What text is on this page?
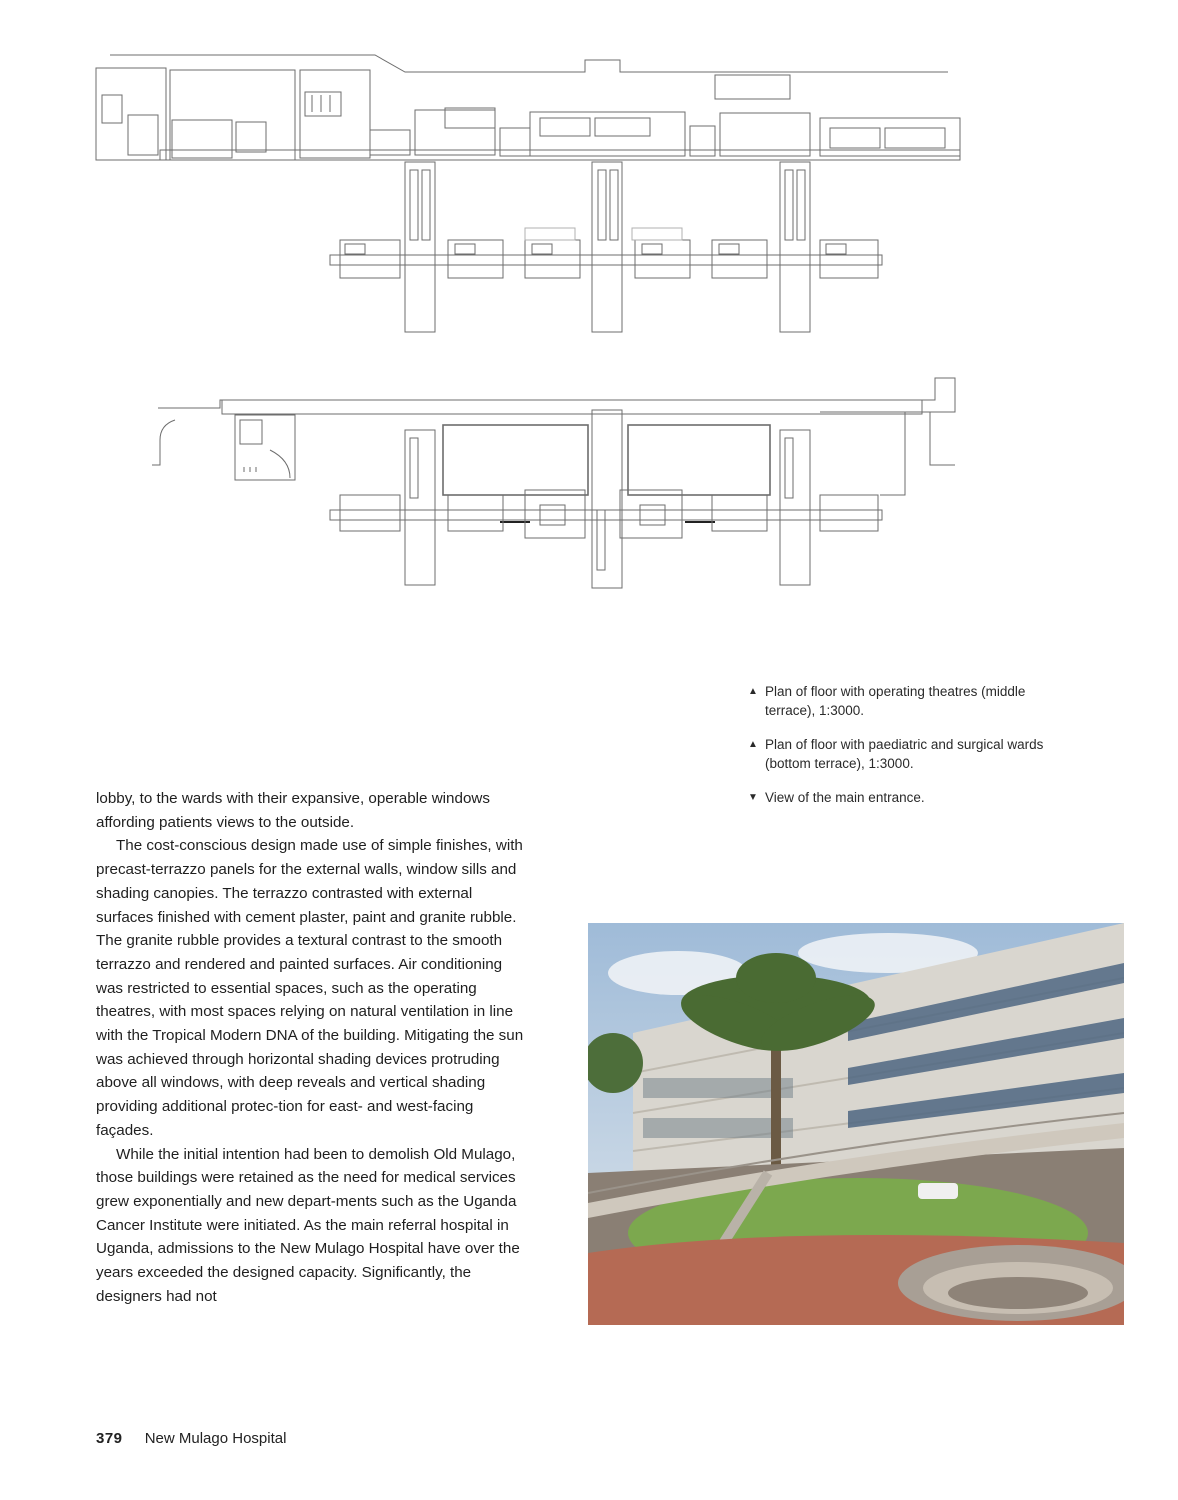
▲ Plan of floor with operating theatres (middle terrace), 1:3000.
▲ Plan of floor with paediatric and surgical wards (bottom terrace), 1:3000.
▼ View of the main entrance.

lobby, to the wards with their expansive, operable windows affording patients views to the outside.

The cost-conscious design made use of simple finishes, with precast-terrazzo panels for the external walls, window sills and shading canopies. The terrazzo contrasted with external surfaces finished with cement plaster, paint and granite rubble. The granite rubble provides a textural contrast to the smooth terrazzo and rendered and painted surfaces. Air conditioning was restricted to essential spaces, such as the operating theatres, with most spaces relying on natural ventilation in line with the Tropical Modern DNA of the building. Mitigating the sun was achieved through horizontal shading devices protruding above all windows, with deep reveals and vertical shading providing additional protec-tion for east- and west-facing façades.

While the initial intention had been to demolish Old Mulago, those buildings were retained as the need for medical services grew exponentially and new depart-ments such as the Uganda Cancer Institute were initiated. As the main referral hospital in Uganda, admissions to the New Mulago Hospital have over the years exceeded the designed capacity. Significantly, the designers had not

379 New Mulago Hospital
